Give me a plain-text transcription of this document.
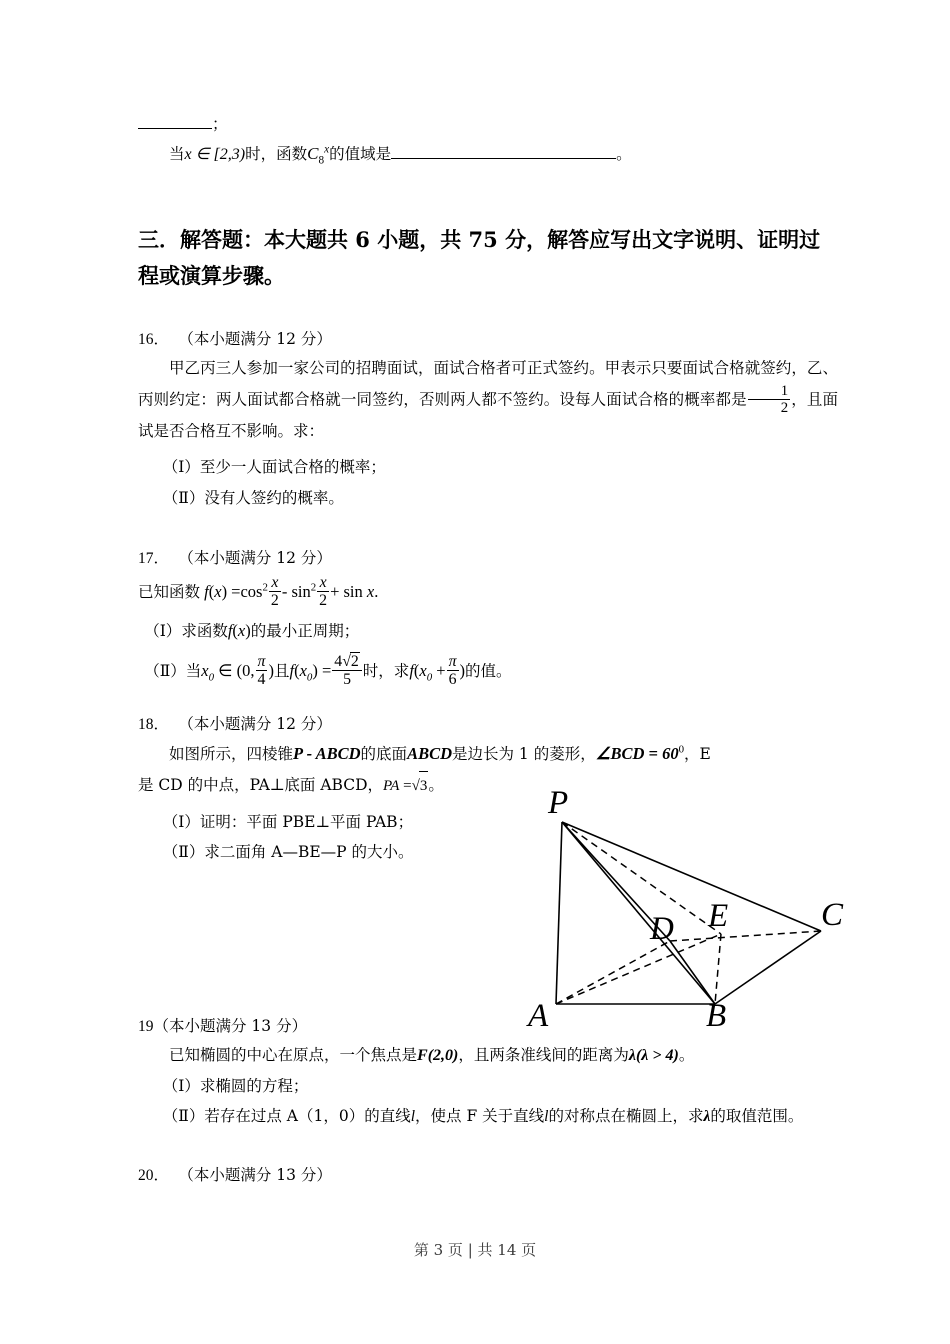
；
当x ∈ [2,3)时，函数$C_8^x$的值域是	。
三．解答题：本大题共 6 小题，共 75 分，解答应写出文字说明、证明过程或演算步骤。
16． （本小题满分 12 分）

甲乙丙三人参加一家公司的招聘面试，面试合格者可正式签约。甲表示只要面试合格就签约，乙、丙则约定：两人面试都合格就一同签约，否则两人都不签约。设每人面试合格的概率都是 $\frac{1}{2}$ ，且面试是否合格互不影响。求：

（Ⅰ）至少一人面试合格的概率；

（Ⅱ）没有人签约的概率。

17． （本小题满分 12 分）

已知函数 $f(x) =\cos^2 \frac{x}{2} - \sin^2 \frac{x}{2} + \sin x$.

（Ⅰ）求函数f(x)的最小正周期；

（Ⅱ）当$x_0$ ∈ (0, $\frac{\pi}{4}$ )且$f(x_0) = \frac{4√2}{5}$ 时，求$f(x_0 + \frac{\pi}{6}$ )的值。

18． （本小题满分 12 分）

如图所示，四棱锥P - ABCD的底面ABCD是边长为 1 的菱形，∠BCD = $60^0$，E

是 CD 的中点，PA⊥底面 ABCD，PA =√3。

（Ⅰ）证明：平面 PBE⊥平面 PAB；

（Ⅱ）求二面角 A—BE—P 的大小。

P
D E	C
A	B
19（本小题满分 13 分）

已知椭圆的中心在原点，一个焦点是F(2,0)，且两条准线间的距离为λ(λ > 4)。

（Ⅰ）求椭圆的方程；

（Ⅱ）若存在过点 A（1，0）的直线l，使点 F 关于直线l的对称点在椭圆上，求λ的取值范围。

20． （本小题满分 13 分）
第 3 页 | 共 14 页
